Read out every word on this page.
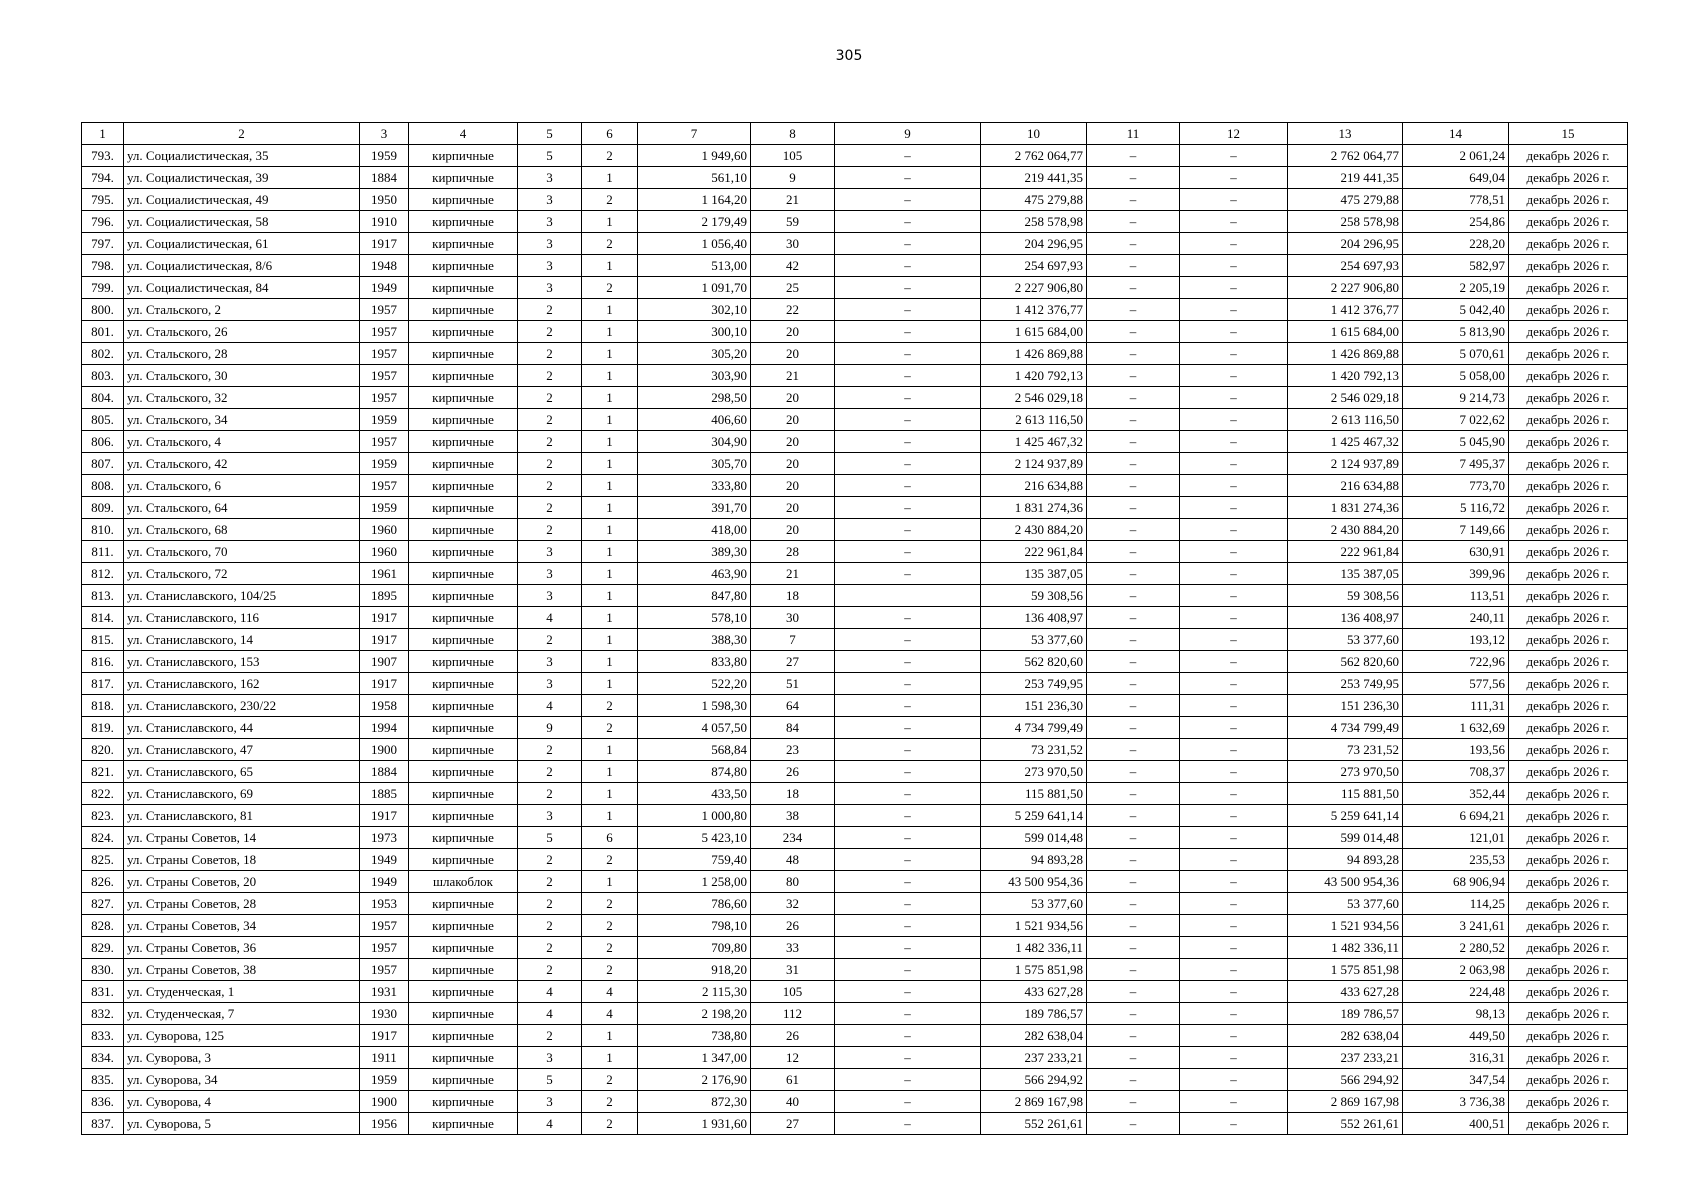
305
1	2	3	4	5	6	7	8	9	10	11	12	13	14	15
793.	ул. Социалистическая, 35	1959	кирпичные	5	2	1 949,60	105	–	2 762 064,77	–	–	2 762 064,77	2 061,24	декабрь 2026 г.
794.	ул. Социалистическая, 39	1884	кирпичные	3	1	561,10	9	–	219 441,35	–	–	219 441,35	649,04	декабрь 2026 г.
795.	ул. Социалистическая, 49	1950	кирпичные	3	2	1 164,20	21	–	475 279,88	–	–	475 279,88	778,51	декабрь 2026 г.
796.	ул. Социалистическая, 58	1910	кирпичные	3	1	2 179,49	59	–	258 578,98	–	–	258 578,98	254,86	декабрь 2026 г.
797.	ул. Социалистическая, 61	1917	кирпичные	3	2	1 056,40	30	–	204 296,95	–	–	204 296,95	228,20	декабрь 2026 г.
798.	ул. Социалистическая, 8/6	1948	кирпичные	3	1	513,00	42	–	254 697,93	–	–	254 697,93	582,97	декабрь 2026 г.
799.	ул. Социалистическая, 84	1949	кирпичные	3	2	1 091,70	25	–	2 227 906,80	–	–	2 227 906,80	2 205,19	декабрь 2026 г.
800.	ул. Стальского, 2	1957	кирпичные	2	1	302,10	22	–	1 412 376,77	–	–	1 412 376,77	5 042,40	декабрь 2026 г.
801.	ул. Стальского, 26	1957	кирпичные	2	1	300,10	20	–	1 615 684,00	–	–	1 615 684,00	5 813,90	декабрь 2026 г.
802.	ул. Стальского, 28	1957	кирпичные	2	1	305,20	20	–	1 426 869,88	–	–	1 426 869,88	5 070,61	декабрь 2026 г.
803.	ул. Стальского, 30	1957	кирпичные	2	1	303,90	21	–	1 420 792,13	–	–	1 420 792,13	5 058,00	декабрь 2026 г.
804.	ул. Стальского, 32	1957	кирпичные	2	1	298,50	20	–	2 546 029,18	–	–	2 546 029,18	9 214,73	декабрь 2026 г.
805.	ул. Стальского, 34	1959	кирпичные	2	1	406,60	20	–	2 613 116,50	–	–	2 613 116,50	7 022,62	декабрь 2026 г.
806.	ул. Стальского, 4	1957	кирпичные	2	1	304,90	20	–	1 425 467,32	–	–	1 425 467,32	5 045,90	декабрь 2026 г.
807.	ул. Стальского, 42	1959	кирпичные	2	1	305,70	20	–	2 124 937,89	–	–	2 124 937,89	7 495,37	декабрь 2026 г.
808.	ул. Стальского, 6	1957	кирпичные	2	1	333,80	20	–	216 634,88	–	–	216 634,88	773,70	декабрь 2026 г.
809.	ул. Стальского, 64	1959	кирпичные	2	1	391,70	20	–	1 831 274,36	–	–	1 831 274,36	5 116,72	декабрь 2026 г.
810.	ул. Стальского, 68	1960	кирпичные	2	1	418,00	20	–	2 430 884,20	–	–	2 430 884,20	7 149,66	декабрь 2026 г.
811.	ул. Стальского, 70	1960	кирпичные	3	1	389,30	28	–	222 961,84	–	–	222 961,84	630,91	декабрь 2026 г.
812.	ул. Стальского, 72	1961	кирпичные	3	1	463,90	21	–	135 387,05	–	–	135 387,05	399,96	декабрь 2026 г.
813.	ул. Станиславского, 104/25	1895	кирпичные	3	1	847,80	18		59 308,56	–	–	59 308,56	113,51	декабрь 2026 г.
814.	ул. Станиславского, 116	1917	кирпичные	4	1	578,10	30	–	136 408,97	–	–	136 408,97	240,11	декабрь 2026 г.
815.	ул. Станиславского, 14	1917	кирпичные	2	1	388,30	7	–	53 377,60	–	–	53 377,60	193,12	декабрь 2026 г.
816.	ул. Станиславского, 153	1907	кирпичные	3	1	833,80	27	–	562 820,60	–	–	562 820,60	722,96	декабрь 2026 г.
817.	ул. Станиславского, 162	1917	кирпичные	3	1	522,20	51	–	253 749,95	–	–	253 749,95	577,56	декабрь 2026 г.
818.	ул. Станиславского, 230/22	1958	кирпичные	4	2	1 598,30	64	–	151 236,30	–	–	151 236,30	111,31	декабрь 2026 г.
819.	ул. Станиславского, 44	1994	кирпичные	9	2	4 057,50	84	–	4 734 799,49	–	–	4 734 799,49	1 632,69	декабрь 2026 г.
820.	ул. Станиславского, 47	1900	кирпичные	2	1	568,84	23	–	73 231,52	–	–	73 231,52	193,56	декабрь 2026 г.
821.	ул. Станиславского, 65	1884	кирпичные	2	1	874,80	26	–	273 970,50	–	–	273 970,50	708,37	декабрь 2026 г.
822.	ул. Станиславского, 69	1885	кирпичные	2	1	433,50	18	–	115 881,50	–	–	115 881,50	352,44	декабрь 2026 г.
823.	ул. Станиславского, 81	1917	кирпичные	3	1	1 000,80	38	–	5 259 641,14	–	–	5 259 641,14	6 694,21	декабрь 2026 г.
824.	ул. Страны Советов, 14	1973	кирпичные	5	6	5 423,10	234	–	599 014,48	–	–	599 014,48	121,01	декабрь 2026 г.
825.	ул. Страны Советов, 18	1949	кирпичные	2	2	759,40	48	–	94 893,28	–	–	94 893,28	235,53	декабрь 2026 г.
826.	ул. Страны Советов, 20	1949	шлакоблок	2	1	1 258,00	80	–	43 500 954,36	–	–	43 500 954,36	68 906,94	декабрь 2026 г.
827.	ул. Страны Советов, 28	1953	кирпичные	2	2	786,60	32	–	53 377,60	–	–	53 377,60	114,25	декабрь 2026 г.
828.	ул. Страны Советов, 34	1957	кирпичные	2	2	798,10	26	–	1 521 934,56	–	–	1 521 934,56	3 241,61	декабрь 2026 г.
829.	ул. Страны Советов, 36	1957	кирпичные	2	2	709,80	33	–	1 482 336,11	–	–	1 482 336,11	2 280,52	декабрь 2026 г.
830.	ул. Страны Советов, 38	1957	кирпичные	2	2	918,20	31	–	1 575 851,98	–	–	1 575 851,98	2 063,98	декабрь 2026 г.
831.	ул. Студенческая, 1	1931	кирпичные	4	4	2 115,30	105	–	433 627,28	–	–	433 627,28	224,48	декабрь 2026 г.
832.	ул. Студенческая, 7	1930	кирпичные	4	4	2 198,20	112	–	189 786,57	–	–	189 786,57	98,13	декабрь 2026 г.
833.	ул. Суворова, 125	1917	кирпичные	2	1	738,80	26	–	282 638,04	–	–	282 638,04	449,50	декабрь 2026 г.
834.	ул. Суворова, 3	1911	кирпичные	3	1	1 347,00	12	–	237 233,21	–	–	237 233,21	316,31	декабрь 2026 г.
835.	ул. Суворова, 34	1959	кирпичные	5	2	2 176,90	61	–	566 294,92	–	–	566 294,92	347,54	декабрь 2026 г.
836.	ул. Суворова, 4	1900	кирпичные	3	2	872,30	40	–	2 869 167,98	–	–	2 869 167,98	3 736,38	декабрь 2026 г.
837.	ул. Суворова, 5	1956	кирпичные	4	2	1 931,60	27	–	552 261,61	–	–	552 261,61	400,51	декабрь 2026 г.
